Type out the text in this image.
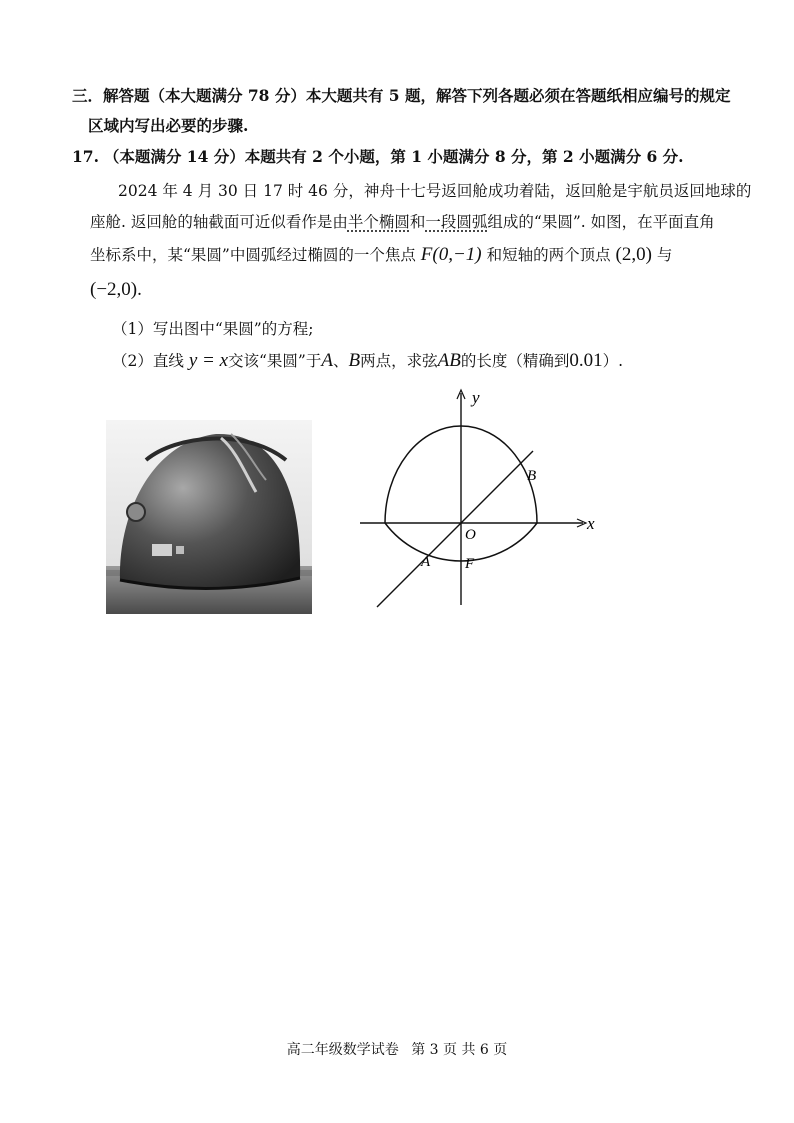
三．解答题（本大题满分 78 分）本大题共有 5 题，解答下列各题必须在答题纸相应编号的规定
区域内写出必要的步骤.
17. （本题满分 14 分）本题共有 2 个小题，第 1 小题满分 8 分，第 2 小题满分 6 分.
2024 年 4 月 30 日 17 时 46 分，神舟十七号返回舱成功着陆，返回舱是宇航员返回地球的
座舱. 返回舱的轴截面可近似看作是由半个椭圆和一段圆弧组成的“果圆”. 如图，在平面直角
坐标系中，某“果圆”中圆弧经过椭圆的一个焦点 F(0,−1) 和短轴的两个顶点 (2,0) 与
(−2,0).
（1）写出图中“果圆”的方程;
（2）直线 y = x交该“果圆”于A、B两点，求弦AB的长度（精确到0.01）.
y
x
O
B
A F
高二年级数学试卷 第 3 页 共 6 页
